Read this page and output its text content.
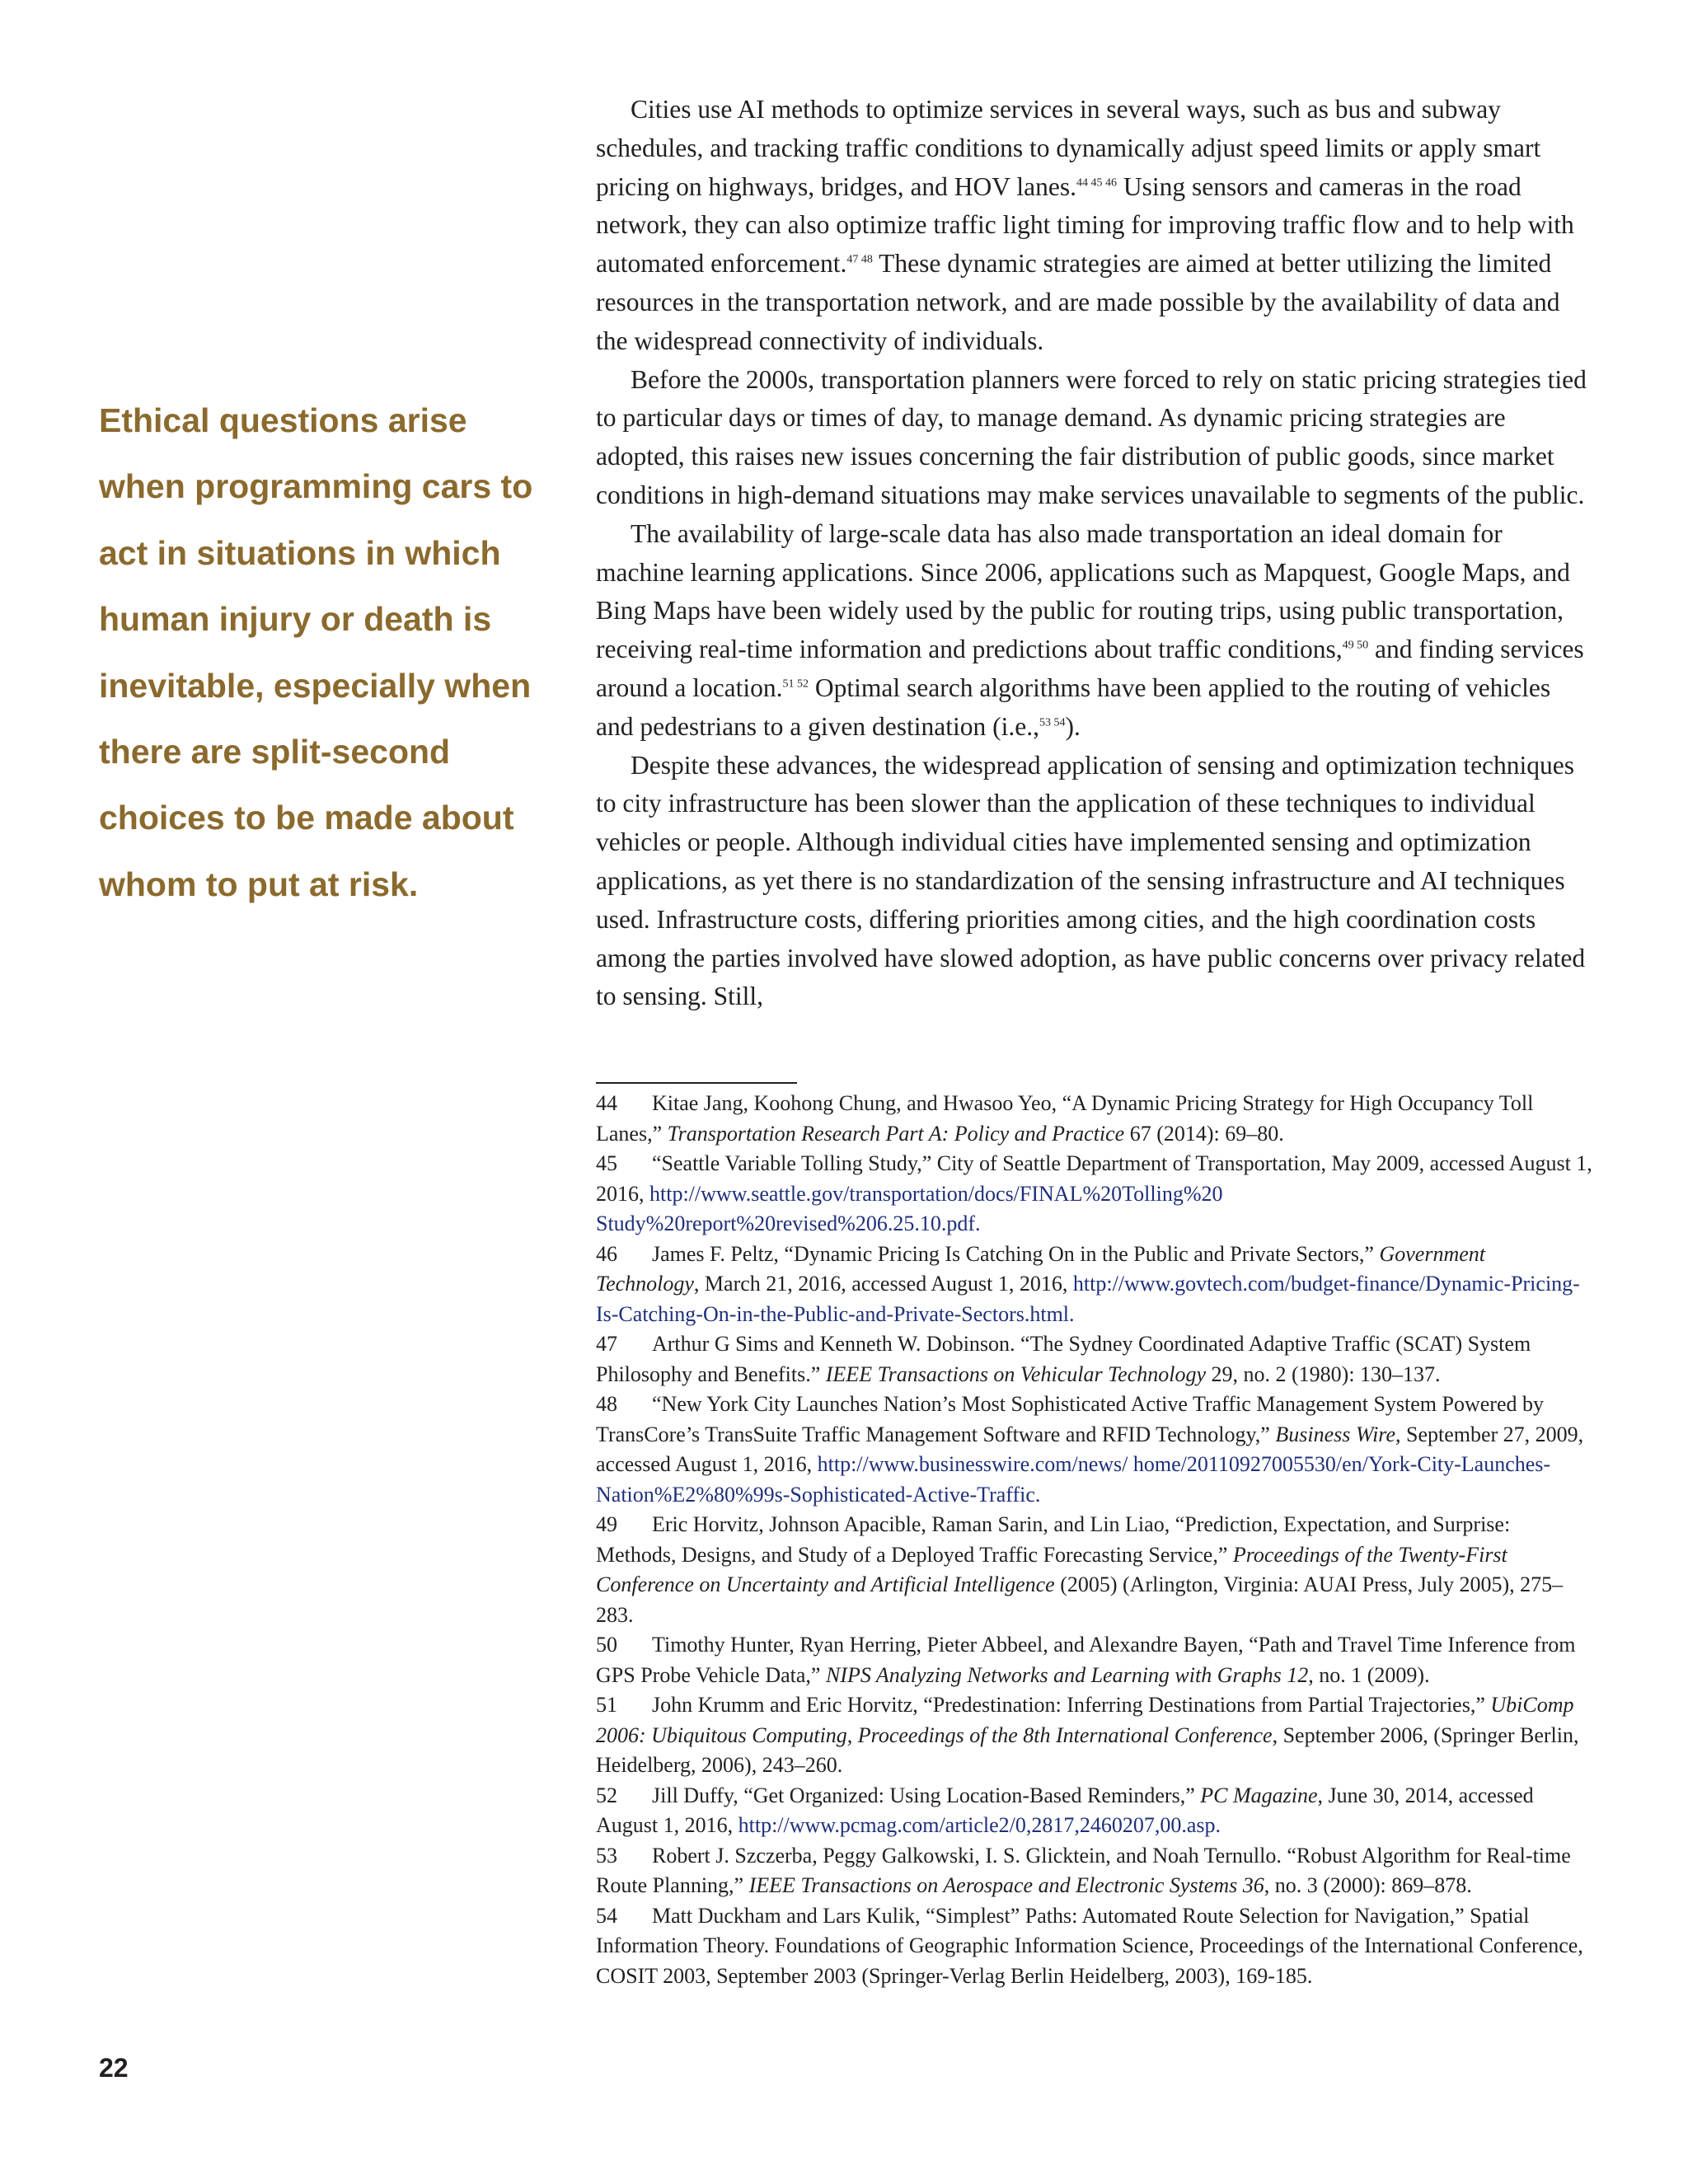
Ethical questions arise
when programming cars to
act in situations in which
human injury or death is
inevitable, especially when
there are split-second
choices to be made about
whom to put at risk.

Cities use AI methods to optimize services in several ways, such as bus and subway schedules, and tracking traffic conditions to dynamically adjust speed limits or apply smart pricing on highways, bridges, and HOV lanes.$^{44 45 46}$ Using sensors and cameras in the road network, they can also optimize traffic light timing for improving traffic flow and to help with automated enforcement.$^{47 48}$ These dynamic strategies are aimed at better utilizing the limited resources in the transportation network, and are made possible by the availability of data and the widespread connectivity of individuals.

Before the 2000s, transportation planners were forced to rely on static pricing strategies tied to particular days or times of day, to manage demand. As dynamic pricing strategies are adopted, this raises new issues concerning the fair distribution of public goods, since market conditions in high-demand situations may make services unavailable to segments of the public.

The availability of large-scale data has also made transportation an ideal domain for machine learning applications. Since 2006, applications such as Mapquest, Google Maps, and Bing Maps have been widely used by the public for routing trips, using public transportation, receiving real-time information and predictions about traffic conditions,$^{49 50}$ and finding services around a location.$^{51 52}$ Optimal search algorithms have been applied to the routing of vehicles and pedestrians to a given destination (i.e.,$^{53 54}$).

Despite these advances, the widespread application of sensing and optimization techniques to city infrastructure has been slower than the application of these techniques to individual vehicles or people. Although individual cities have implemented sensing and optimization applications, as yet there is no standardization of the sensing infrastructure and AI techniques used. Infrastructure costs, differing priorities among cities, and the high coordination costs among the parties involved have slowed adoption, as have public concerns over privacy related to sensing. Still,

44 Kitae Jang, Koohong Chung, and Hwasoo Yeo, “A Dynamic Pricing Strategy for High Occupancy Toll Lanes,” Transportation Research Part A: Policy and Practice 67 (2014): 69–80.

45 “Seattle Variable Tolling Study,” City of Seattle Department of Transportation, May 2009, accessed August 1, 2016, http://www.seattle.gov/transportation/docs/FINAL%20Tolling%20 Study%20report%20revised%206.25.10.pdf.

46 James F. Peltz, “Dynamic Pricing Is Catching On in the Public and Private Sectors,” Government Technology, March 21, 2016, accessed August 1, 2016, http://www.govtech.com/budget-finance/Dynamic-Pricing-Is-Catching-On-in-the-Public-and-Private-Sectors.html.

47 Arthur G Sims and Kenneth W. Dobinson. “The Sydney Coordinated Adaptive Traffic (SCAT) System Philosophy and Benefits.” IEEE Transactions on Vehicular Technology 29, no. 2 (1980): 130–137.

48 “New York City Launches Nation’s Most Sophisticated Active Traffic Management System Powered by TransCore’s TransSuite Traffic Management Software and RFID Technology,” Business Wire, September 27, 2009, accessed August 1, 2016, http://www.businesswire.com/news/ home/20110927005530/en/York-City-Launches-Nation%E2%80%99s-Sophisticated-Active-Traffic.

49 Eric Horvitz, Johnson Apacible, Raman Sarin, and Lin Liao, “Prediction, Expectation, and Surprise: Methods, Designs, and Study of a Deployed Traffic Forecasting Service,” Proceedings of the Twenty-First Conference on Uncertainty and Artificial Intelligence (2005) (Arlington, Virginia: AUAI Press, July 2005), 275–283.

50 Timothy Hunter, Ryan Herring, Pieter Abbeel, and Alexandre Bayen, “Path and Travel Time Inference from GPS Probe Vehicle Data,” NIPS Analyzing Networks and Learning with Graphs 12, no. 1 (2009).

51 John Krumm and Eric Horvitz, “Predestination: Inferring Destinations from Partial Trajectories,” UbiComp 2006: Ubiquitous Computing, Proceedings of the 8th International Conference, September 2006, (Springer Berlin, Heidelberg, 2006), 243–260.

52 Jill Duffy, “Get Organized: Using Location-Based Reminders,” PC Magazine, June 30, 2014, accessed August 1, 2016, http://www.pcmag.com/article2/0,2817,2460207,00.asp.

53 Robert J. Szczerba, Peggy Galkowski, I. S. Glicktein, and Noah Ternullo. “Robust Algorithm for Real-time Route Planning,” IEEE Transactions on Aerospace and Electronic Systems 36, no. 3 (2000): 869–878.

54 Matt Duckham and Lars Kulik, “Simplest” Paths: Automated Route Selection for Navigation,” Spatial Information Theory. Foundations of Geographic Information Science, Proceedings of the International Conference, COSIT 2003, September 2003 (Springer-Verlag Berlin Heidelberg, 2003), 169-185.

22
